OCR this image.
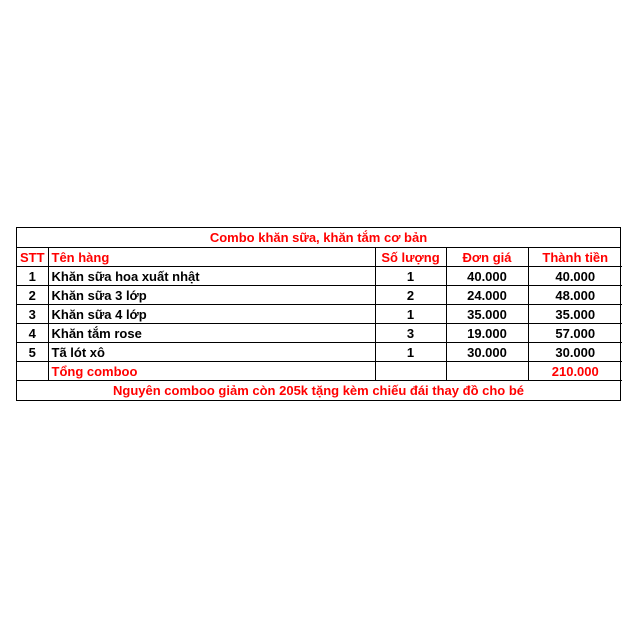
Combo khăn sữa, khăn tắm cơ bản
STT	Tên hàng	Số lượng	Đơn giá	Thành tiền
1	Khăn sữa hoa xuất nhật	1	40.000	40.000
2	Khăn sữa 3 lớp	2	24.000	48.000
3	Khăn sữa 4 lớp	1	35.000	35.000
4	Khăn tắm rose	3	19.000	57.000
5	Tã lót xô	1	30.000	30.000
	Tổng comboo			210.000
Nguyên comboo giảm còn 205k tặng kèm chiếu đái thay đồ cho bé
